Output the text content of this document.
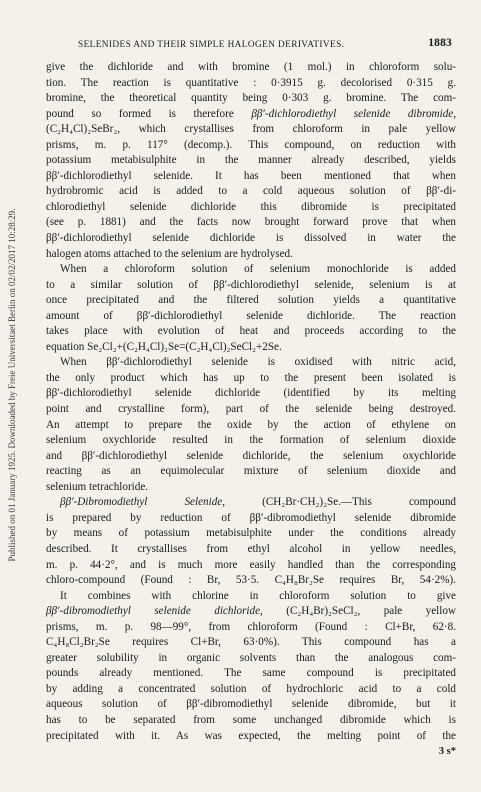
SELENIDES AND THEIR SIMPLE HALOGEN DERIVATIVES.	1883
Published on 01 January 1925. Downloaded by Freie Universitaet Berlin on 02/02/2017 10:28:29.
give the dichloride and with bromine (1 mol.) in chloroform solu-
tion. The reaction is quantitative : 0·3915 g. decolorised 0·315 g.
bromine, the theoretical quantity being 0·303 g. bromine. The com-
pound so formed is therefore ββ′-dichlorodiethyl selenide dibromide,
(C₂H₄Cl)₂SeBr₂, which crystallises from chloroform in pale yellow
prisms, m. p. 117° (decomp.). This compound, on reduction with
potassium metabisulphite in the manner already described, yields
ββ′-dichlorodiethyl selenide. It has been mentioned that when
hydrobromic acid is added to a cold aqueous solution of ββ′-di-
chlorodiethyl selenide dichloride this dibromide is precipitated
(see p. 1881) and the facts now brought forward prove that when
ββ′-dichlorodiethyl selenide dichloride is dissolved in water the
halogen atoms attached to the selenium are hydrolysed.
When a chloroform solution of selenium monochloride is added
to a similar solution of ββ′-dichlorodiethyl selenide, selenium is at
once precipitated and the filtered solution yields a quantitative
amount of ββ′-dichlorodiethyl selenide dichloride. The reaction
takes place with evolution of heat and proceeds according to the
equation Se₂Cl₂+(C₂H₄Cl)₂Se=(C₂H₄Cl)₂SeCl₂+2Se.
When ββ′-dichlorodiethyl selenide is oxidised with nitric acid,
the only product which has up to the present been isolated is
ββ′-dichlorodiethyl selenide dichloride (identified by its melting
point and crystalline form), part of the selenide being destroyed.
An attempt to prepare the oxide by the action of ethylene on
selenium oxychloride resulted in the formation of selenium dioxide
and ββ′-dichlorodiethyl selenide dichloride, the selenium oxychloride
reacting as an equimolecular mixture of selenium dioxide and
selenium tetrachloride.
ββ′-Dibromodiethyl Selenide, (CH₂Br·CH₂)₂Se.—This compound
is prepared by reduction of ββ′-dibromodiethyl selenide dibromide
by means of potassium metabisulphite under the conditions already
described. It crystallises from ethyl alcohol in yellow needles,
m. p. 44·2°, and is much more easily handled than the corresponding
chloro-compound (Found : Br, 53·5. C₄H₈Br₂Se requires Br, 54·2%).
It combines with chlorine in chloroform solution to give
ββ′-dibromodiethyl selenide dichloride, (C₂H₄Br)₂SeCl₂, pale yellow
prisms, m. p. 98—99°, from chloroform (Found : Cl+Br, 62·8.
C₄H₈Cl₂Br₂Se requires Cl+Br, 63·0%). This compound has a
greater solubility in organic solvents than the analogous com-
pounds already mentioned. The same compound is precipitated
by adding a concentrated solution of hydrochloric acid to a cold
aqueous solution of ββ′-dibromodiethyl selenide dibromide, but it
has to be separated from some unchanged dibromide which is
precipitated with it. As was expected, the melting point of the
3 s*
